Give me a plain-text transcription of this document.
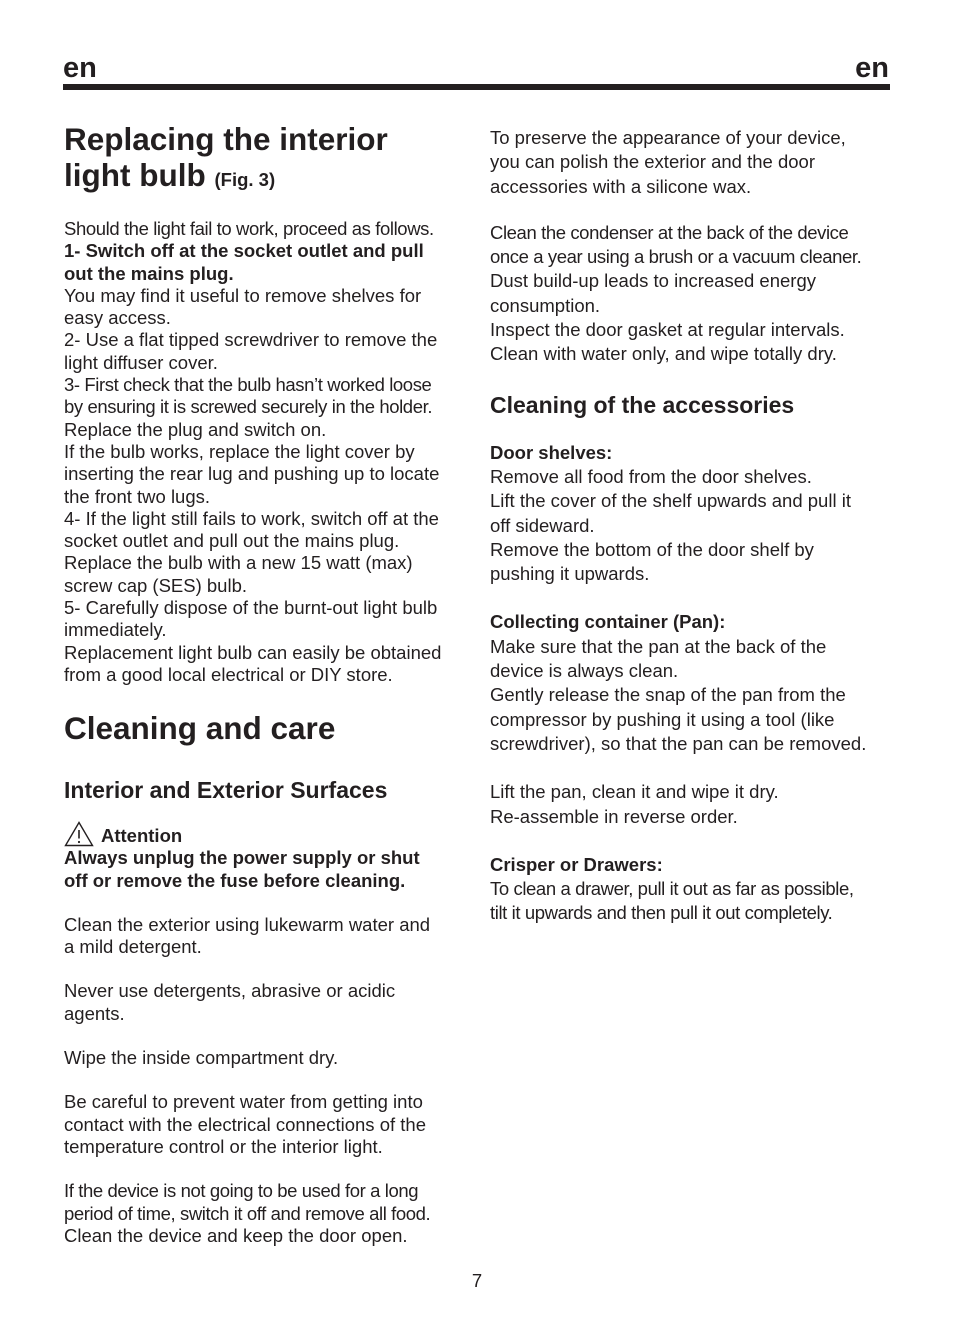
en	en
Replacing the interior
light bulb (Fig. 3)

Should the light fail to work, proceed as follows.

1- Switch off at the socket outlet and pull
out the mains plug.

You may find it useful to remove shelves for
easy access.

2- Use a flat tipped screwdriver to remove the
light diffuser cover.

3- First check that the bulb hasn’t worked loose
by ensuring it is screwed securely in the holder.

Replace the plug and switch on.
If the bulb works, replace the light cover by
inserting the rear lug and pushing up to locate
the front two lugs.
4- If the light still fails to work, switch off at the
socket outlet and pull out the mains plug.
Replace the bulb with a new 15 watt (max)
screw cap (SES) bulb.
5- Carefully dispose of the burnt-out light bulb
immediately.
Replacement light bulb can easily be obtained
from a good local electrical or DIY store.

Cleaning and care
Interior and Exterior Surfaces
Attention

Always unplug the power supply or shut
off or remove the fuse before cleaning.

Clean the exterior using lukewarm water and
a mild detergent.

Never use detergents, abrasive or acidic
agents.

Wipe the inside compartment dry.

Be careful to prevent water from getting into
contact with the electrical connections of the
temperature control or the interior light.

If the device is not going to be used for a long
period of time, switch it off and remove all food.

Clean the device and keep the door open.

To preserve the appearance of your device,
you can polish the exterior and the door
accessories with a silicone wax.

Clean the condenser at the back of the device
once a year using a brush or a vacuum cleaner.

Dust build-up leads to increased energy
consumption.
Inspect the door gasket at regular intervals.
Clean with water only, and wipe totally dry.

Cleaning of the accessories

Door shelves:

Remove all food from the door shelves.
Lift the cover of the shelf upwards and pull it
off sideward.
Remove the bottom of the door shelf by
pushing it upwards.

Collecting container (Pan):

Make sure that the pan at the back of the
device is always clean.
Gently release the snap of the pan from the
compressor by pushing it using a tool (like
screwdriver), so that the pan can be removed.

Lift the pan, clean it and wipe it dry.
Re-assemble in reverse order.

Crisper or Drawers:

To clean a drawer, pull it out as far as possible,
tilt it upwards and then pull it out completely.

7
